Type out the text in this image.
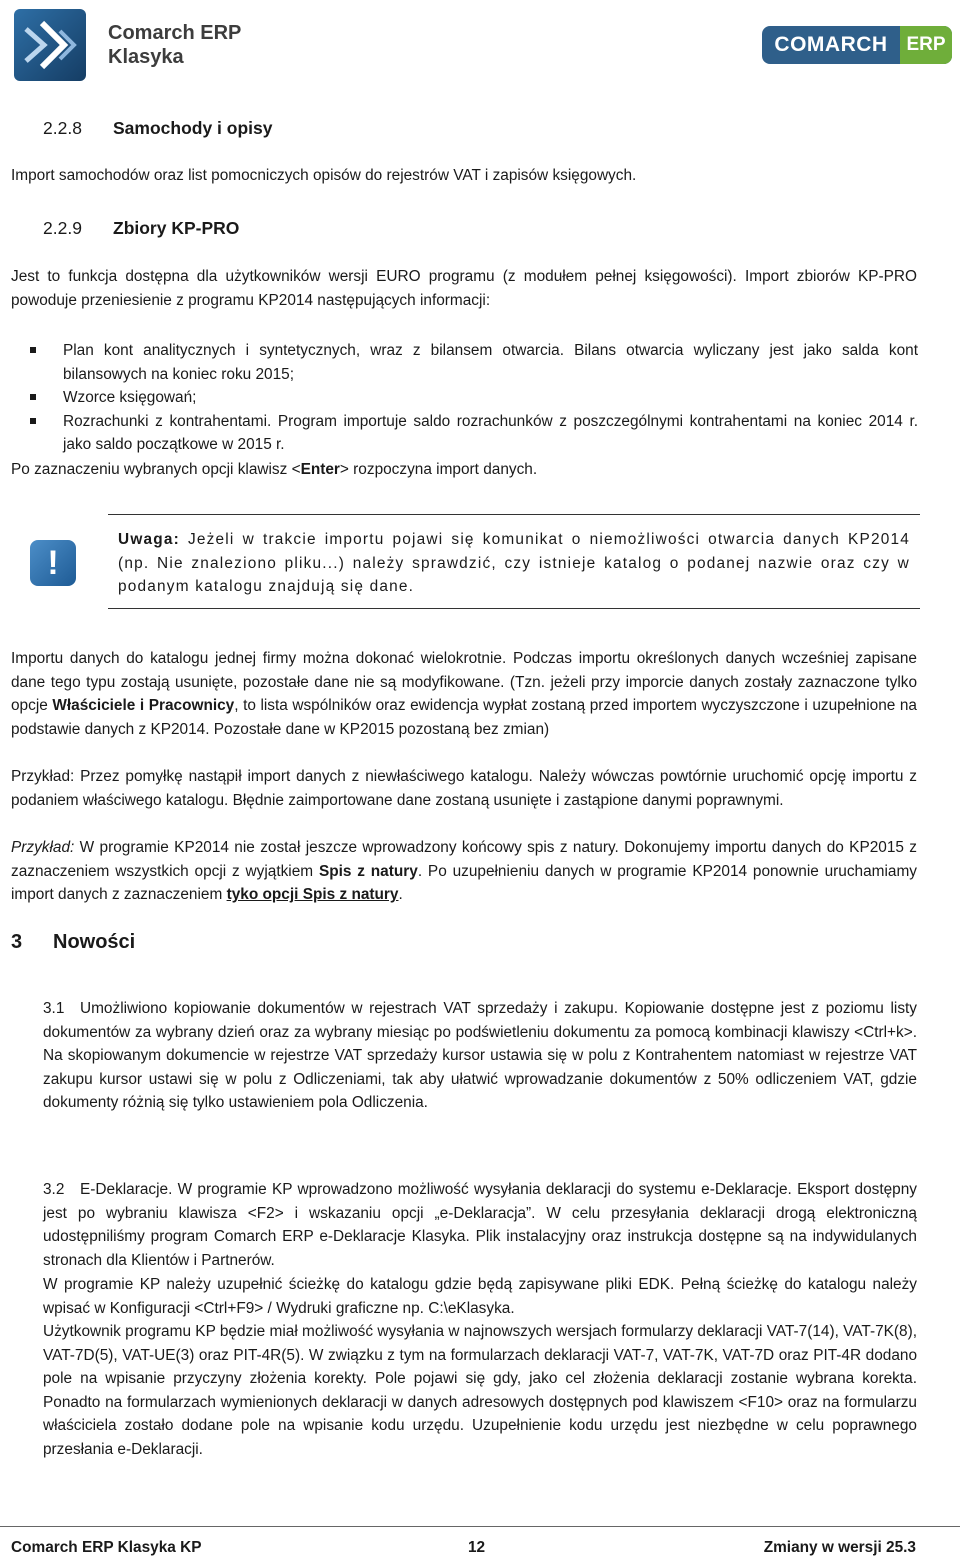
Comarch ERP
Klasyka
COMARCH ERP
2.2.8 Samochody i opisy

Import samochodów oraz list pomocniczych opisów do rejestrów VAT i zapisów księgowych.

2.2.9 Zbiory KP-PRO

Jest to funkcja dostępna dla użytkowników wersji EURO programu (z modułem pełnej księgowości). Import zbiorów KP-PRO powoduje przeniesienie z programu KP2014 następujących informacji:

Plan kont analitycznych i syntetycznych, wraz z bilansem otwarcia. Bilans otwarcia wyliczany jest jako salda kont bilansowych na koniec roku 2015;
Wzorce księgowań;
Rozrachunki z kontrahentami. Program importuje saldo rozrachunków z poszczególnymi kontrahentami na koniec 2014 r. jako saldo początkowe w 2015 r.

Po zaznaczeniu wybranych opcji klawisz <Enter> rozpoczyna import danych.

!

Uwaga: Jeżeli w trakcie importu pojawi się komunikat o niemożliwości otwarcia danych KP2014 (np. Nie znaleziono pliku...) należy sprawdzić, czy istnieje katalog o podanej nazwie oraz czy w podanym katalogu znajdują się dane.

Importu danych do katalogu jednej firmy można dokonać wielokrotnie. Podczas importu określonych danych wcześniej zapisane dane tego typu zostają usunięte, pozostałe dane nie są modyfikowane. (Tzn. jeżeli przy imporcie danych zostały zaznaczone tylko opcje Właściciele i Pracownicy, to lista wspólników oraz ewidencja wypłat zostaną przed importem wyczyszczone i uzupełnione na podstawie danych z KP2014. Pozostałe dane w KP2015 pozostaną bez zmian)

Przykład: Przez pomyłkę nastąpił import danych z niewłaściwego katalogu. Należy wówczas powtórnie uruchomić opcję importu z podaniem właściwego katalogu. Błędnie zaimportowane dane zostaną usunięte i zastąpione danymi poprawnymi.

Przykład: W programie KP2014 nie został jeszcze wprowadzony końcowy spis z natury. Dokonujemy importu danych do KP2015 z zaznaczeniem wszystkich opcji z wyjątkiem Spis z natury. Po uzupełnieniu danych w programie KP2014 ponownie uruchamiamy import danych z zaznaczeniem tyko opcji Spis z natury.

3 Nowości

3.1 Umożliwiono kopiowanie dokumentów w rejestrach VAT sprzedaży i zakupu. Kopiowanie dostępne jest z poziomu listy dokumentów za wybrany dzień oraz za wybrany miesiąc po podświetleniu dokumentu za pomocą kombinacji klawiszy <Ctrl+k>. Na skopiowanym dokumencie w rejestrze VAT sprzedaży kursor ustawia się w polu z Kontrahentem natomiast w rejestrze VAT zakupu kursor ustawi się w polu z Odliczeniami, tak aby ułatwić wprowadzanie dokumentów z 50% odliczeniem VAT, gdzie dokumenty różnią się tylko ustawieniem pola Odliczenia.

3.2 E-Deklaracje. W programie KP wprowadzono możliwość wysyłania deklaracji do systemu e-Deklaracje. Eksport dostępny jest po wybraniu klawisza <F2> i wskazaniu opcji „e-Deklaracja”. W celu przesyłania deklaracji drogą elektroniczną udostępniliśmy program Comarch ERP e-Deklaracje Klasyka. Plik instalacyjny oraz instrukcja dostępne są na indywidulanych stronach dla Klientów i Partnerów.

W programie KP należy uzupełnić ścieżkę do katalogu gdzie będą zapisywane pliki EDK. Pełną ścieżkę do katalogu należy wpisać w Konfiguracji <Ctrl+F9> / Wydruki graficzne np. C:\eKlasyka.

Użytkownik programu KP będzie miał możliwość wysyłania w najnowszych wersjach formularzy deklaracji VAT-7(14), VAT-7K(8), VAT-7D(5), VAT-UE(3) oraz PIT-4R(5). W związku z tym na formularzach deklaracji VAT-7, VAT-7K, VAT-7D oraz PIT-4R dodano pole na wpisanie przyczyny złożenia korekty. Pole pojawi się gdy, jako cel złożenia deklaracji zostanie wybrana korekta. Ponadto na formularzach wymienionych deklaracji w danych adresowych dostępnych pod klawiszem <F10> oraz na formularzu właściciela zostało dodane pole na wpisanie kodu urzędu. Uzupełnienie kodu urzędu jest niezbędne w celu poprawnego przesłania e-Deklaracji.

Comarch ERP Klasyka KP	12	Zmiany w wersji 25.3
